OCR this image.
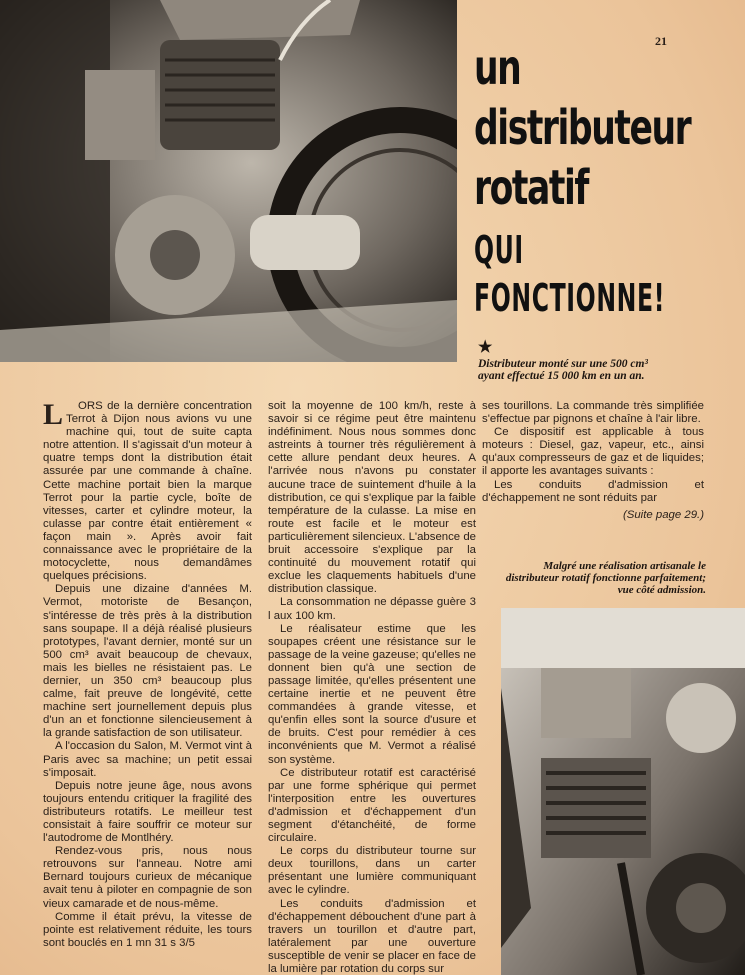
21
un
distributeur
rotatif
QUI
FONCTIONNE!
★
Distributeur monté sur une 500 cm³ ayant effectué 15 000 km en un an.

L ORS de la dernière concentration Terrot à Dijon nous avions vu une machine qui, tout de suite capta notre attention. Il s'agissait d'un moteur à quatre temps dont la distribution était assurée par une commande à chaîne. Cette machine portait bien la marque Terrot pour la partie cycle, boîte de vitesses, carter et cylindre moteur, la culasse par contre était entièrement « façon main ». Après avoir fait connaissance avec le propriétaire de la motocyclette, nous demandâmes quelques précisions.

Depuis une dizaine d'années M. Vermot, motoriste de Besançon, s'intéresse de très près à la distribution sans soupape. Il a déjà réalisé plusieurs prototypes, l'avant dernier, monté sur un 500 cm³ avait beaucoup de chevaux, mais les bielles ne résistaient pas. Le dernier, un 350 cm³ beaucoup plus calme, fait preuve de longévité, cette machine sert journellement depuis plus d'un an et fonctionne silencieusement à la grande satisfaction de son utilisateur.

A l'occasion du Salon, M. Vermot vint à Paris avec sa machine; un petit essai s'imposait.

Depuis notre jeune âge, nous avons toujours entendu critiquer la fragilité des distributeurs rotatifs. Le meilleur test consistait à faire souffrir ce moteur sur l'autodrome de Montlhéry.

Rendez-vous pris, nous nous retrouvons sur l'anneau. Notre ami Bernard toujours curieux de mécanique avait tenu à piloter en compagnie de son vieux camarade et de nous-même.

Comme il était prévu, la vitesse de pointe est relativement réduite, les tours sont bouclés en 1 mn 31 s 3/5

soit la moyenne de 100 km/h, reste à savoir si ce régime peut être maintenu indéfiniment. Nous nous sommes donc astreints à tourner très régulièrement à cette allure pendant deux heures. A l'arrivée nous n'avons pu constater aucune trace de suintement d'huile à la distribution, ce qui s'explique par la faible température de la culasse. La mise en route est facile et le moteur est particulièrement silencieux. L'absence de bruit accessoire s'explique par la continuité du mouvement rotatif qui exclue les claquements habituels d'une distribution classique.

La consommation ne dépasse guère 3 l aux 100 km.

Le réalisateur estime que les soupapes créent une résistance sur le passage de la veine gazeuse; qu'elles ne donnent bien qu'à une section de passage limitée, qu'elles présentent une certaine inertie et ne peuvent être commandées à grande vitesse, et qu'enfin elles sont la source d'usure et de bruits. C'est pour remédier à ces inconvénients que M. Vermot a réalisé son système.

Ce distributeur rotatif est caractérisé par une forme sphérique qui permet l'interposition entre les ouvertures d'admission et d'échappement d'un segment d'étanchéité, de forme circulaire.

Le corps du distributeur tourne sur deux tourillons, dans un carter présentant une lumière communiquant avec le cylindre.

Les conduits d'admission et d'échappement débouchent d'une part à travers un tourillon et d'autre part, latéralement par une ouverture susceptible de venir se placer en face de la lumière par rotation du corps sur

ses tourillons. La commande très simplifiée s'effectue par pignons et chaîne à l'air libre.

Ce dispositif est applicable à tous moteurs : Diesel, gaz, vapeur, etc., ainsi qu'aux compresseurs de gaz et de liquides; il apporte les avantages suivants :

Les conduits d'admission et d'échappement ne sont réduits par

(Suite page 29.)

Malgré une réalisation artisanale le distributeur rotatif fonctionne parfaitement; vue côté admission.
